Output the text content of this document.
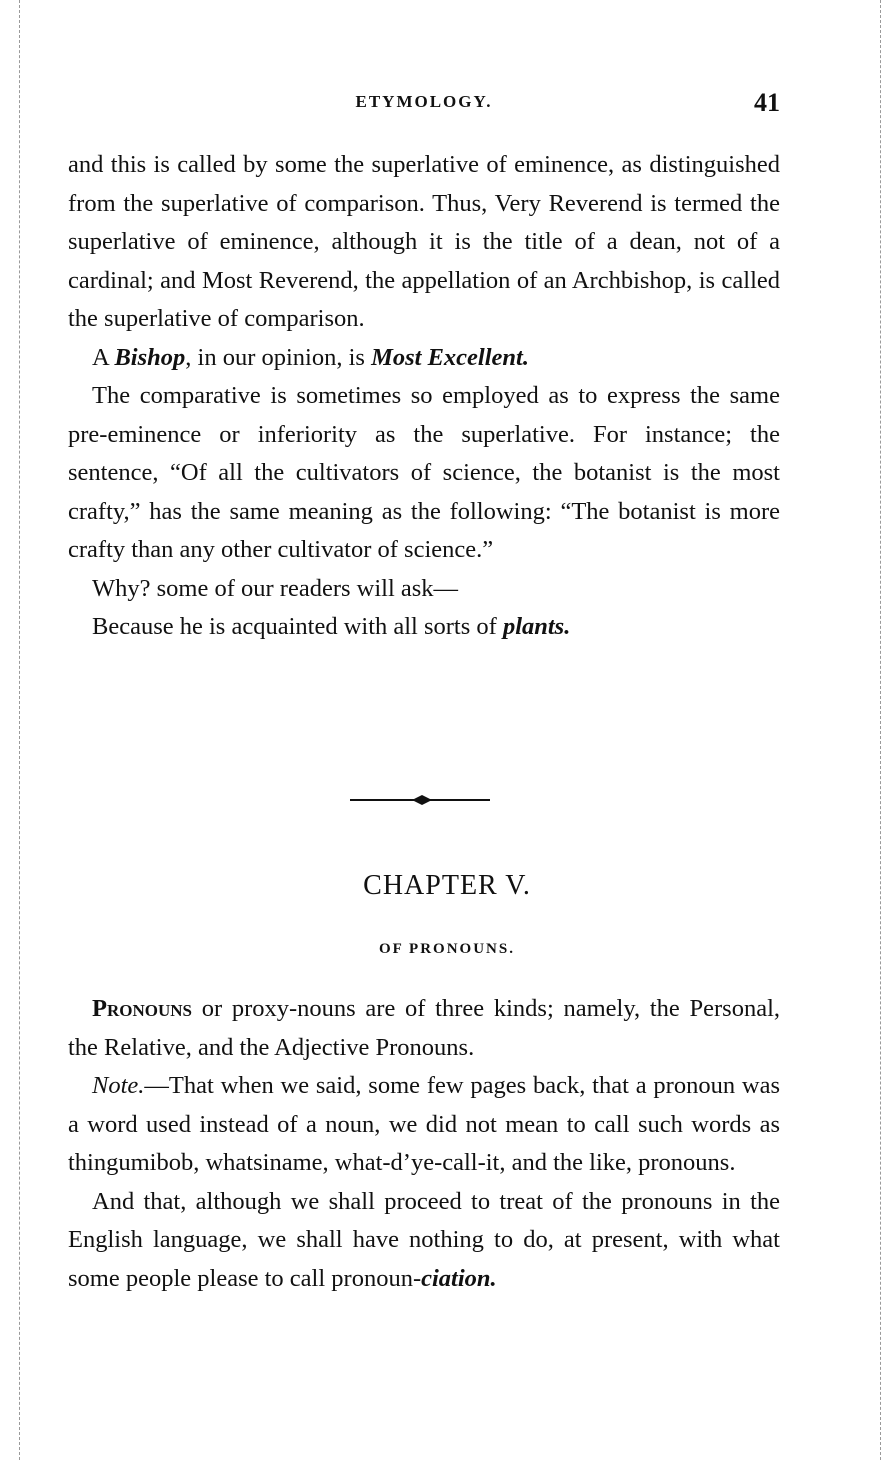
ETYMOLOGY.	41

and this is called by some the superlative of eminence, as distinguished from the superlative of comparison. Thus, Very Reverend is termed the superlative of eminence, although it is the title of a dean, not of a cardinal; and Most Reverend, the appellation of an Archbishop, is called the superlative of comparison.

A Bishop, in our opinion, is Most Excellent.

The comparative is sometimes so employed as to express the same pre-eminence or inferiority as the superlative. For instance; the sentence, “Of all the cultivators of science, the botanist is the most crafty,” has the same meaning as the following: “The botanist is more crafty than any other cultivator of science.”

Why? some of our readers will ask—

Because he is acquainted with all sorts of plants.

CHAPTER V.
OF PRONOUNS.

Pronouns or proxy-nouns are of three kinds; namely, the Personal, the Relative, and the Adjective Pronouns.

Note.—That when we said, some few pages back, that a pronoun was a word used instead of a noun, we did not mean to call such words as thingumibob, whatsiname, what-d’ye-call-it, and the like, pronouns.

And that, although we shall proceed to treat of the pronouns in the English language, we shall have nothing to do, at present, with what some people please to call pronoun-ciation.
